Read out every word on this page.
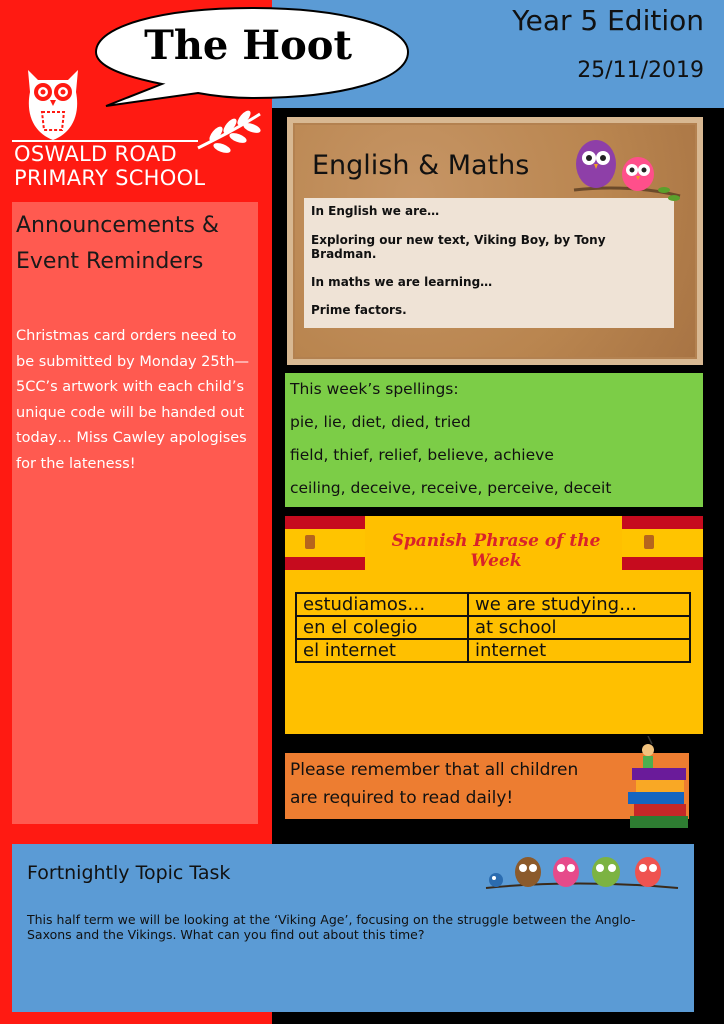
Year 5 Edition
25/11/2019
The Hoot
OSWALD ROAD
PRIMARY SCHOOL
Announcements &
Event Reminders
Christmas card orders need to be submitted by Monday 25th—5CC’s artwork with each child’s unique code will be handed out today… Miss Cawley apologises for the lateness!
English & Maths
In English we are…
Exploring our new text, Viking Boy, by Tony Bradman.
In maths we are learning…
Prime factors.
This week’s spellings:
pie, lie, diet, died, tried
field, thief, relief, believe, achieve
ceiling, deceive, receive, perceive, deceit
Spanish Phrase of the Week
estudiamos…	we are studying…
en el colegio	at school
el internet	internet
Please remember that all children
are required to read daily!
Fortnightly Topic Task
This half term we will be looking at the ‘Viking Age’, focusing on the struggle between the Anglo-Saxons and the Vikings. What can you find out about this time?
